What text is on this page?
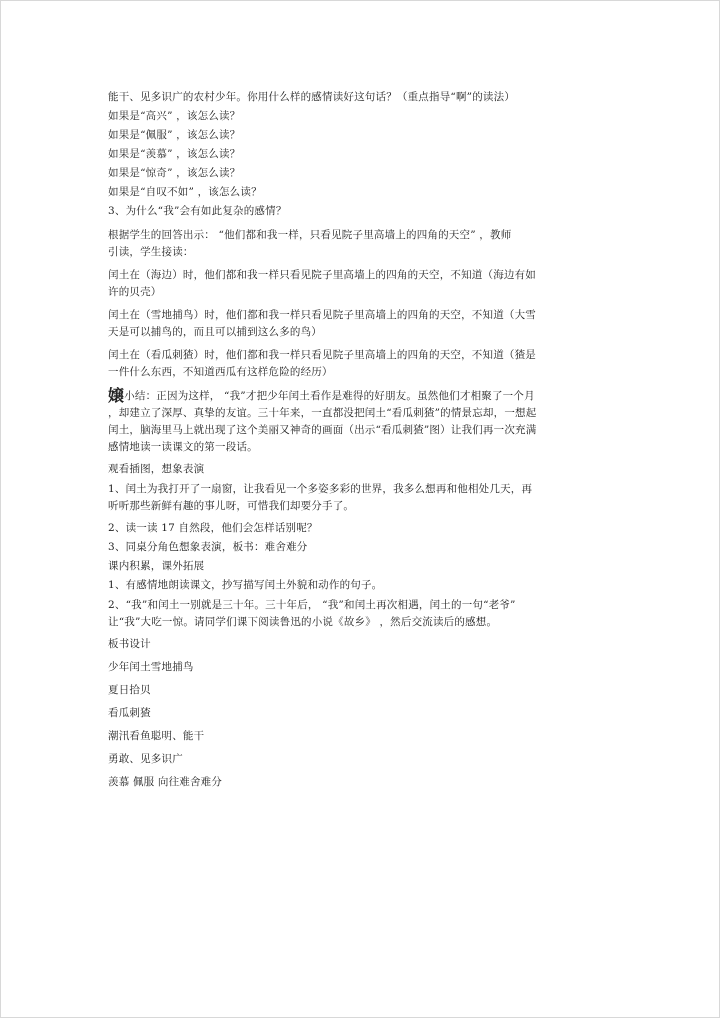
能干、见多识广的农村少年。你用什么样的感情读好这句话？（重点指导“啊”的读法）
如果是“高兴” ，该怎么读？
如果是“佩服” ，该怎么读？
如果是“羡慕” ，该怎么读？
如果是“惊奇” ，该怎么读？
如果是“自叹不如” ，该怎么读？
3、为什么“我”会有如此复杂的感情？
根据学生的回答出示： “他们都和我一样，只看见院子里高墙上的四角的天空” ，教师
引读，学生接读：
闰土在（海边）时，他们都和我一样只看见院子里高墙上的四角的天空，不知道（海边有如
许的贝壳）
闰土在（雪地捕鸟）时，他们都和我一样只看见院子里高墙上的四角的天空，不知道（大雪
天是可以捕鸟的，而且可以捕到这么多的鸟）
闰土在（看瓜刺猹）时，他们都和我一样只看见院子里高墙上的四角的天空，不知道（猹是
一件什么东西，不知道西瓜有这样危险的经历）
嬢小结：正因为这样， “我”才把少年闰土看作是难得的好朋友。虽然他们才相聚了一个月
，却建立了深厚、真挚的友谊。三十年来，一直都没把闰土“看瓜刺猹”的情景忘却，一想起
闰土，脑海里马上就出现了这个美丽又神奇的画面（出示“看瓜刺猹”图）让我们再一次充满
感情地读一读课文的第一段话。
观看插图，想象表演
1、闰土为我打开了一扇窗，让我看见一个多姿多彩的世界，我多么想再和他相处几天，再
听听那些新鲜有趣的事儿呀，可惜我们却要分手了。
2、读一读 17 自然段，他们会怎样话别呢？
3、同桌分角色想象表演，板书：难舍难分
课内积累，课外拓展
1、有感情地朗读课文，抄写描写闰土外貌和动作的句子。
2、“我”和闰土一别就是三十年。三十年后， “我”和闰土再次相遇，闰土的一句“老爷”
让“我”大吃一惊。请同学们课下阅读鲁迅的小说《故乡》 ，然后交流读后的感想。
板书设计
少年闰土雪地捕鸟
夏日拾贝
看瓜刺猹
潮汛看鱼聪明、能干
勇敢、见多识广
羡慕 佩服 向往难舍难分
